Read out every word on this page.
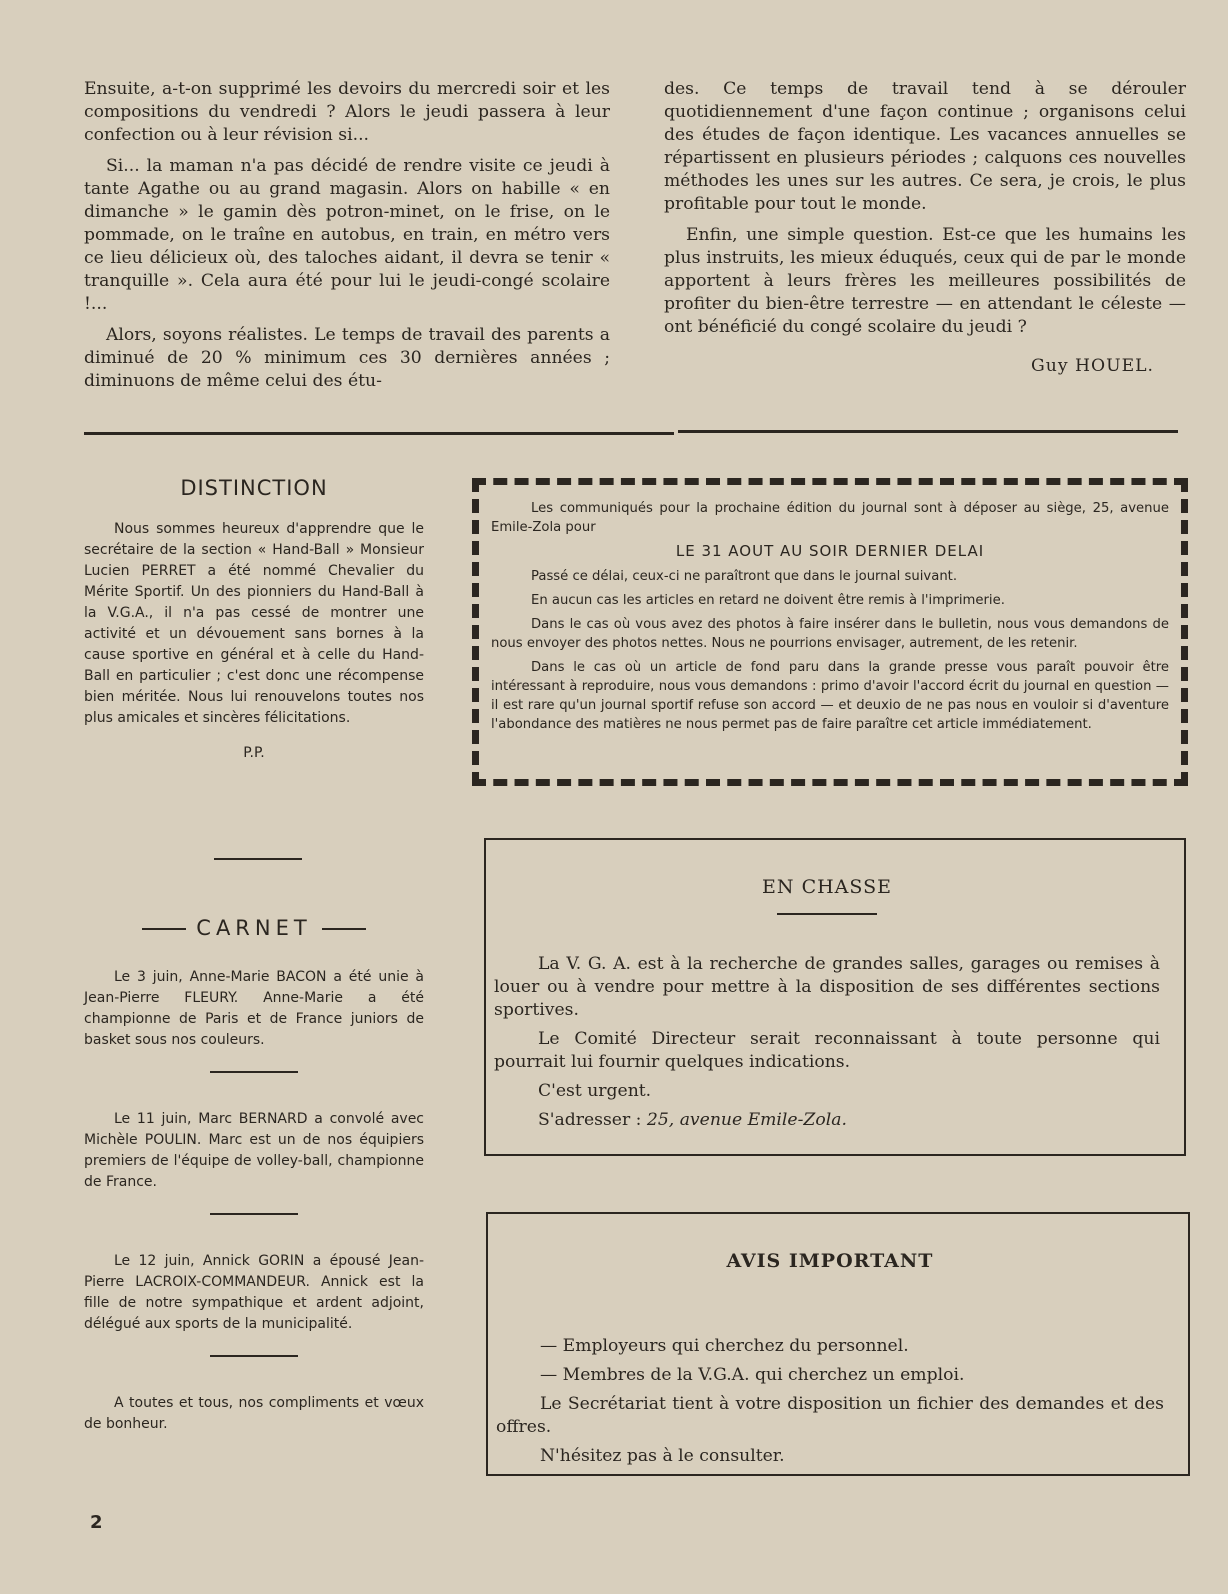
Ensuite, a-t-on supprimé les devoirs du mercredi soir et les compositions du vendredi ? Alors le jeudi passera à leur confection ou à leur révision si...

Si... la maman n'a pas décidé de rendre visite ce jeudi à tante Agathe ou au grand magasin. Alors on habille « en dimanche » le gamin dès potron-minet, on le frise, on le pommade, on le traîne en autobus, en train, en métro vers ce lieu délicieux où, des taloches aidant, il devra se tenir « tranquille ». Cela aura été pour lui le jeudi-congé scolaire !...

Alors, soyons réalistes. Le temps de travail des parents a diminué de 20 % minimum ces 30 dernières années ; diminuons de même celui des étu-

des. Ce temps de travail tend à se dérouler quotidiennement d'une façon continue ; organisons celui des études de façon identique. Les vacances annuelles se répartissent en plusieurs périodes ; calquons ces nouvelles méthodes les unes sur les autres. Ce sera, je crois, le plus profitable pour tout le monde.

Enfin, une simple question. Est-ce que les humains les plus instruits, les mieux éduqués, ceux qui de par le monde apportent à leurs frères les meilleures possibilités de profiter du bien-être terrestre — en attendant le céleste — ont bénéficié du congé scolaire du jeudi ?

Guy HOUEL.
DISTINCTION

Nous sommes heureux d'apprendre que le secrétaire de la section « Hand-Ball » Monsieur Lucien PERRET a été nommé Chevalier du Mérite Sportif. Un des pionniers du Hand-Ball à la V.G.A., il n'a pas cessé de montrer une activité et un dévouement sans bornes à la cause sportive en général et à celle du Hand-Ball en particulier ; c'est donc une récompense bien méritée. Nous lui renouvelons toutes nos plus amicales et sincères félicitations.

P.P.
CARNET

Le 3 juin, Anne-Marie BACON a été unie à Jean-Pierre FLEURY. Anne-Marie a été championne de Paris et de France juniors de basket sous nos couleurs.

Le 11 juin, Marc BERNARD a convolé avec Michèle POULIN. Marc est un de nos équipiers premiers de l'équipe de volley-ball, championne de France.

Le 12 juin, Annick GORIN a épousé Jean-Pierre LACROIX-COMMANDEUR. Annick est la fille de notre sympathique et ardent adjoint, délégué aux sports de la municipalité.

A toutes et tous, nos compliments et vœux de bonheur.

Les communiqués pour la prochaine édition du journal sont à déposer au siège, 25, avenue Emile-Zola pour

LE 31 AOUT AU SOIR DERNIER DELAI

Passé ce délai, ceux-ci ne paraîtront que dans le journal suivant.

En aucun cas les articles en retard ne doivent être remis à l'imprimerie.

Dans le cas où vous avez des photos à faire insérer dans le bulletin, nous vous demandons de nous envoyer des photos nettes. Nous ne pourrions envisager, autrement, de les retenir.

Dans le cas où un article de fond paru dans la grande presse vous paraît pouvoir être intéressant à reproduire, nous vous demandons : primo d'avoir l'accord écrit du journal en question — il est rare qu'un journal sportif refuse son accord — et deuxio de ne pas nous en vouloir si d'aventure l'abondance des matières ne nous permet pas de faire paraître cet article immédiatement.

EN CHASSE

La V. G. A. est à la recherche de grandes salles, garages ou remises à louer ou à vendre pour mettre à la disposition de ses différentes sections sportives.

Le Comité Directeur serait reconnaissant à toute personne qui pourrait lui fournir quelques indications.

C'est urgent.

S'adresser : 25, avenue Emile-Zola.

AVIS IMPORTANT

— Employeurs qui cherchez du personnel.

— Membres de la V.G.A. qui cherchez un emploi.

Le Secrétariat tient à votre disposition un fichier des demandes et des offres.

N'hésitez pas à le consulter.

2
